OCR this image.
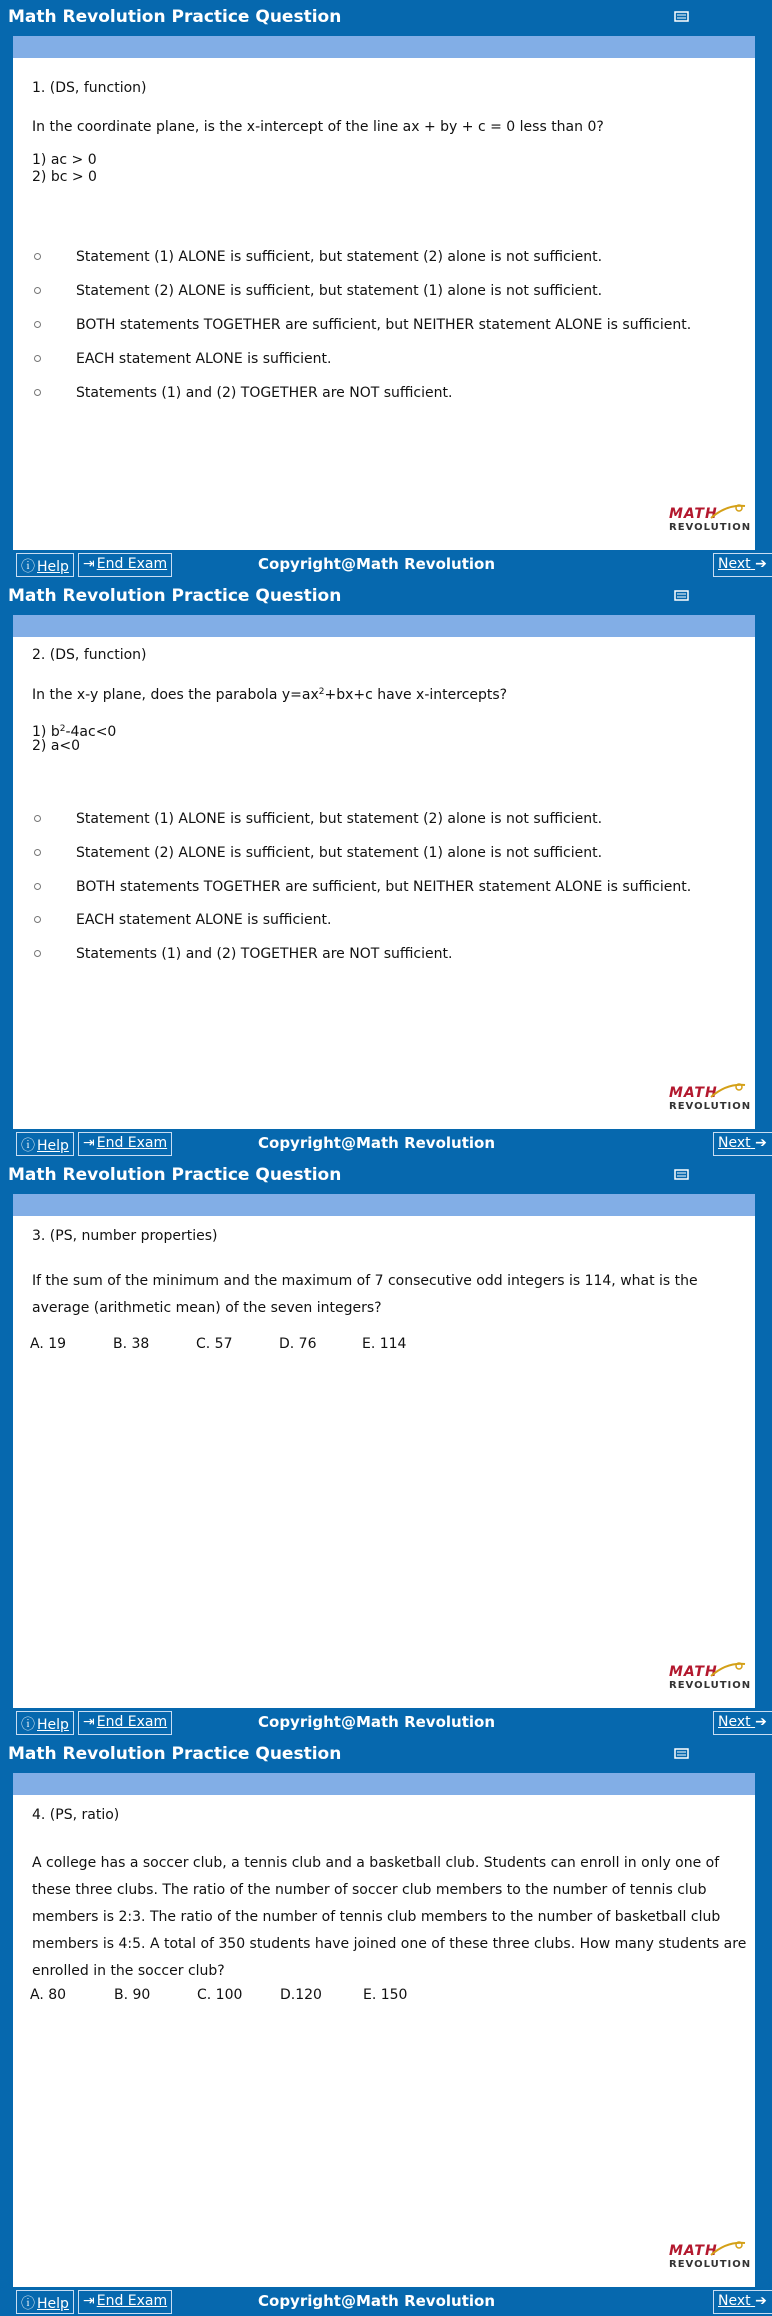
Math Revolution Practice Question
1. (DS, function)
In the coordinate plane, is the x-intercept of the line ax + by + c = 0 less than 0?
1) ac > 0
2) bc > 0
Statement (1) ALONE is sufficient, but statement (2) alone is not sufficient.
Statement (2) ALONE is sufficient, but statement (1) alone is not sufficient.
BOTH statements TOGETHER are sufficient, but NEITHER statement ALONE is sufficient.
EACH statement ALONE is sufficient.
Statements (1) and (2) TOGETHER are NOT sufficient.
MATH
REVOLUTION
ⓘ Help	⇥ End Exam	Copyright@Math Revolution	Next ➔
Math Revolution Practice Question
2. (DS, function)
In the x-y plane, does the parabola $y=ax^2+bx+c$ have x-intercepts?
1) $b^2-4ac<0$
2) a<0
Statement (1) ALONE is sufficient, but statement (2) alone is not sufficient.
Statement (2) ALONE is sufficient, but statement (1) alone is not sufficient.
BOTH statements TOGETHER are sufficient, but NEITHER statement ALONE is sufficient.
EACH statement ALONE is sufficient.
Statements (1) and (2) TOGETHER are NOT sufficient.
MATH
REVOLUTION
ⓘ Help	⇥ End Exam	Copyright@Math Revolution	Next ➔
Math Revolution Practice Question
3. (PS, number properties)
If the sum of the minimum and the maximum of 7 consecutive odd integers is 114, what is the average (arithmetic mean) of the seven integers?
A. 19	B. 38	C. 57	D. 76	E. 114
MATH
REVOLUTION
ⓘ Help	⇥ End Exam	Copyright@Math Revolution	Next ➔
Math Revolution Practice Question
4. (PS, ratio)
A college has a soccer club, a tennis club and a basketball club. Students can enroll in only one of these three clubs. The ratio of the number of soccer club members to the number of tennis club members is 2:3. The ratio of the number of tennis club members to the number of basketball club members is 4:5. A total of 350 students have joined one of these three clubs. How many students are enrolled in the soccer club?
A. 80	B. 90	C. 100	D.120	E. 150
MATH
REVOLUTION
ⓘ Help	⇥ End Exam	Copyright@Math Revolution	Next ➔
